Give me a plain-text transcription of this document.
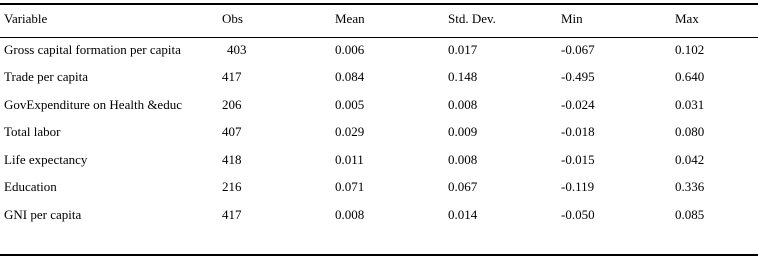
Variable	Obs	Mean	Std. Dev.	Min	Max
Gross capital formation per capita	403	0.006	0.017	-0.067	0.102
Trade per capita	417	0.084	0.148	-0.495	0.640
GovExpenditure on Health &educ	206	0.005	0.008	-0.024	0.031
Total labor	407	0.029	0.009	-0.018	0.080
Life expectancy	418	0.011	0.008	-0.015	0.042
Education	216	0.071	0.067	-0.119	0.336
GNI per capita	417	0.008	0.014	-0.050	0.085
